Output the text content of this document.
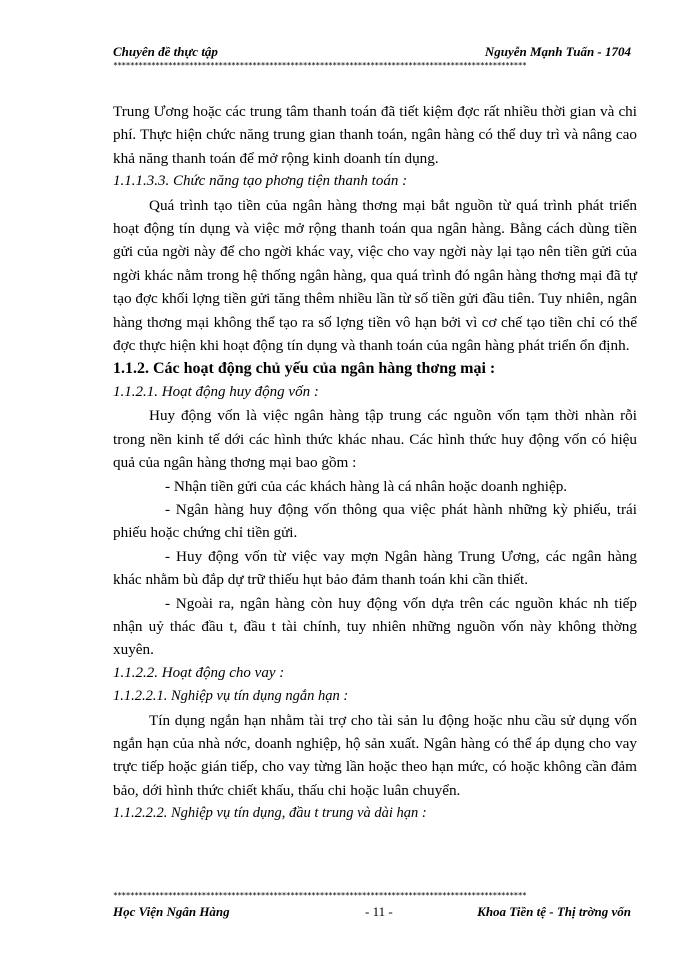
Chuyên đề thực tập	Nguyễn Mạnh Tuấn - 1704
**************************************************************************************************

Trung Ương hoặc các trung tâm thanh toán đã tiết kiệm đợc rất nhiều thời gian và chi phí. Thực hiện chức năng trung gian thanh toán, ngân hàng có thể duy trì và nâng cao khả năng thanh toán để mở rộng kinh doanh tín dụng.

1.1.1.3.3. Chức năng tạo phơng tiện thanh toán :

Quá trình tạo tiền của ngân hàng thơng mại bắt nguồn từ quá trình phát triển hoạt động tín dụng và việc mở rộng thanh toán qua ngân hàng. Bằng cách dùng tiền gửi của ngời này để cho ngời khác vay, việc cho vay ngời này lại tạo nên tiền gửi của ngời khác nằm trong hệ thống ngân hàng, qua quá trình đó ngân hàng thơng mại đã tự tạo đợc khối lợng tiền gửi tăng thêm nhiều lần từ số tiền gửi đầu tiên. Tuy nhiên, ngân hàng thơng mại không thể tạo ra số lợng tiền vô hạn bởi vì cơ chế tạo tiền chỉ có thể đợc thực hiện khi hoạt động tín dụng và thanh toán của ngân hàng phát triển ổn định.

1.1.2. Các hoạt động chủ yếu của ngân hàng thơng mại :

1.1.2.1. Hoạt động huy động vốn :

Huy động vốn là việc ngân hàng tập trung các nguồn vốn tạm thời nhàn rỗi trong nền kinh tế dới các hình thức khác nhau. Các hình thức huy động vốn có hiệu quả của ngân hàng thơng mại bao gồm :

- Nhận tiền gửi của các khách hàng là cá nhân hoặc doanh nghiệp.

- Ngân hàng huy động vốn thông qua việc phát hành những kỳ phiếu, trái phiếu hoặc chứng chỉ tiền gửi.

- Huy động vốn từ việc vay mợn Ngân hàng Trung Ương, các ngân hàng khác nhằm bù đắp dự trữ thiếu hụt bảo đảm thanh toán khi cần thiết.

- Ngoài ra, ngân hàng còn huy động vốn dựa trên các nguồn khác nh tiếp nhận uỷ thác đầu t, đầu t tài chính, tuy nhiên những nguồn vốn này không thờng xuyên.

1.1.2.2. Hoạt động cho vay :

1.1.2.2.1. Nghiệp vụ tín dụng ngắn hạn :

Tín dụng ngắn hạn nhằm tài trợ cho tài sản lu động hoặc nhu cầu sử dụng vốn ngắn hạn của nhà nớc, doanh nghiệp, hộ sản xuất. Ngân hàng có thể áp dụng cho vay trực tiếp hoặc gián tiếp, cho vay từng lần hoặc theo hạn mức, có hoặc không cần đảm bảo, dới hình thức chiết khấu, thấu chi hoặc luân chuyển.

1.1.2.2.2. Nghiệp vụ tín dụng, đầu t trung và dài hạn :

**************************************************************************************************
Học Viện Ngân Hàng	- 11 -	Khoa Tiền tệ - Thị trờng vốn
